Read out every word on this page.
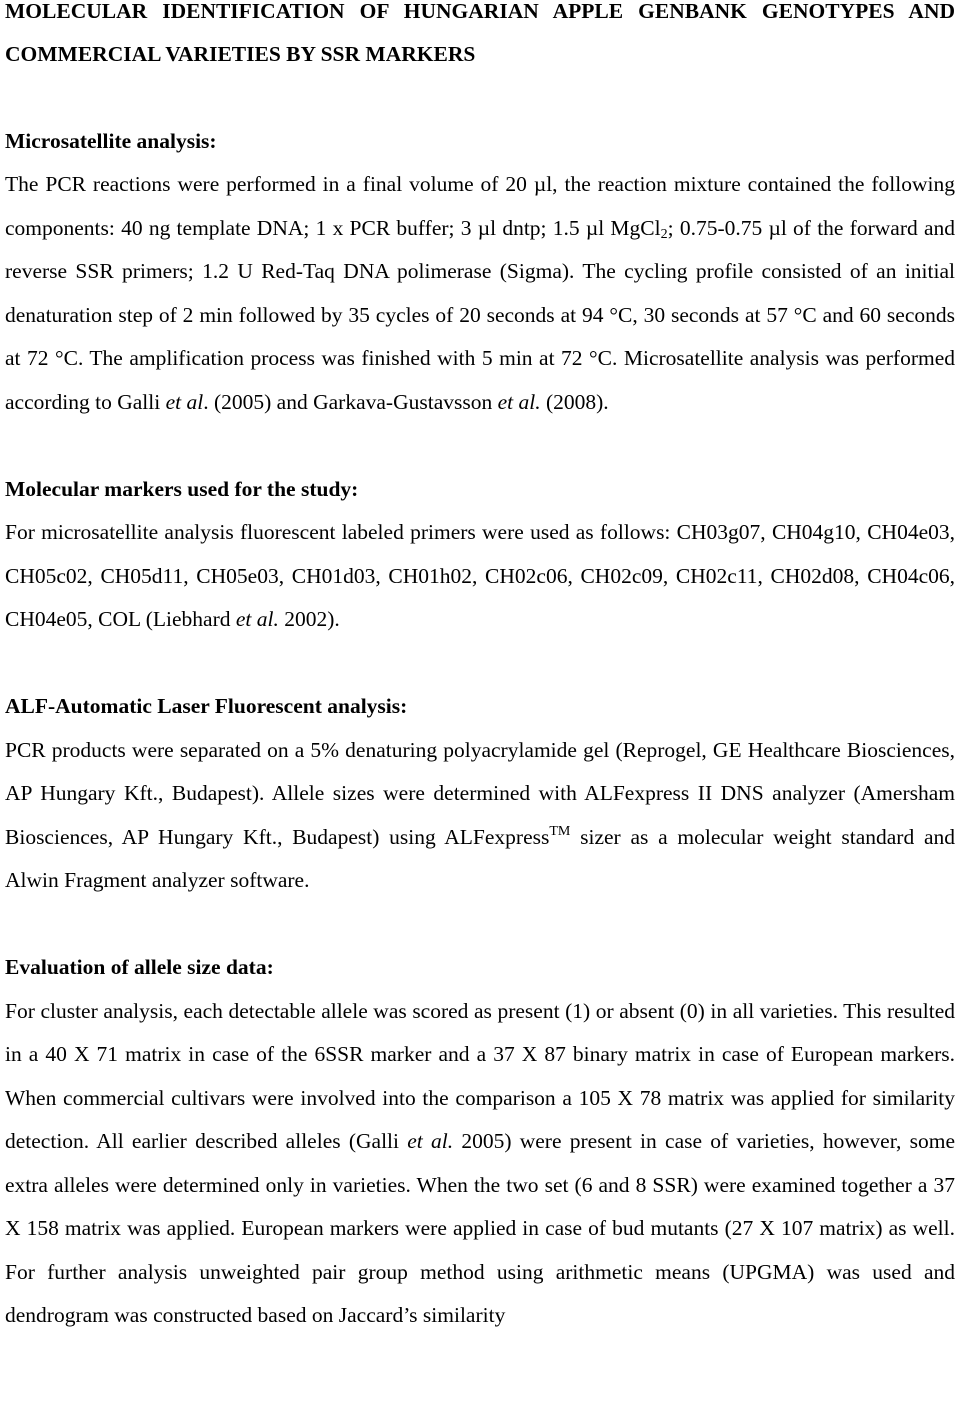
MOLECULAR IDENTIFICATION OF HUNGARIAN APPLE GENBANK GENOTYPES AND COMMERCIAL VARIETIES BY SSR MARKERS

Microsatellite analysis:

The PCR reactions were performed in a final volume of 20 µl, the reaction mixture contained the following components: 40 ng template DNA; 1 x PCR buffer; 3 µl dntp; 1.5 µl MgCl$_2$; 0.75-0.75 µl of the forward and reverse SSR primers; 1.2 U Red-Taq DNA polimerase (Sigma). The cycling profile consisted of an initial denaturation step of 2 min followed by 35 cycles of 20 seconds at 94 °C, 30 seconds at 57 °C and 60 seconds at 72 °C. The amplification process was finished with 5 min at 72 °C. Microsatellite analysis was performed according to Galli et al. (2005) and Garkava-Gustavsson et al. (2008).

Molecular markers used for the study:

For microsatellite analysis fluorescent labeled primers were used as follows: CH03g07, CH04g10, CH04e03, CH05c02, CH05d11, CH05e03, CH01d03, CH01h02, CH02c06, CH02c09, CH02c11, CH02d08, CH04c06, CH04e05, COL (Liebhard et al. 2002).

ALF-Automatic Laser Fluorescent analysis:

PCR products were separated on a 5% denaturing polyacrylamide gel (Reprogel, GE Healthcare Biosciences, AP Hungary Kft., Budapest). Allele sizes were determined with ALFexpress II DNS analyzer (Amersham Biosciences, AP Hungary Kft., Budapest) using ALFexpress™ sizer as a molecular weight standard and Alwin Fragment analyzer software.

Evaluation of allele size data:

For cluster analysis, each detectable allele was scored as present (1) or absent (0) in all varieties. This resulted in a 40 X 71 matrix in case of the 6SSR marker and a 37 X 87 binary matrix in case of European markers. When commercial cultivars were involved into the comparison a 105 X 78 matrix was applied for similarity detection. All earlier described alleles (Galli et al. 2005) were present in case of varieties, however, some extra alleles were determined only in varieties. When the two set (6 and 8 SSR) were examined together a 37 X 158 matrix was applied. European markers were applied in case of bud mutants (27 X 107 matrix) as well. For further analysis unweighted pair group method using arithmetic means (UPGMA) was used and dendrogram was constructed based on Jaccard’s similarity
